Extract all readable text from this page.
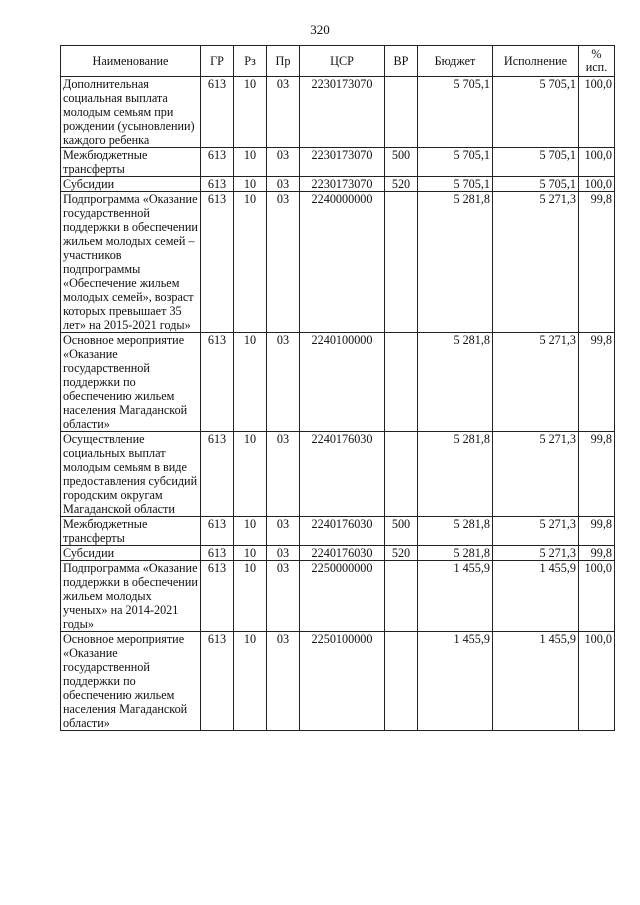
320
Наименование	ГР	Рз	Пр	ЦСР	ВР	Бюджет	Исполнение	% исп.
Дополнительная социальная выплата молодым семьям при рождении (усыновлении) каждого ребенка	613	10	03	2230173070		5 705,1	5 705,1	100,0
Межбюджетные трансферты	613	10	03	2230173070	500	5 705,1	5 705,1	100,0
Субсидии	613	10	03	2230173070	520	5 705,1	5 705,1	100,0
Подпрограмма «Оказание государственной поддержки в обеспечении жильем молодых семей – участников подпрограммы «Обеспечение жильем молодых семей», возраст которых превышает 35 лет» на 2015-2021 годы»	613	10	03	2240000000		5 281,8	5 271,3	99,8
Основное мероприятие «Оказание государственной поддержки по обеспечению жильем населения Магаданской области»	613	10	03	2240100000		5 281,8	5 271,3	99,8
Осуществление социальных выплат молодым семьям в виде предоставления субсидий городским округам Магаданской области	613	10	03	2240176030		5 281,8	5 271,3	99,8
Межбюджетные трансферты	613	10	03	2240176030	500	5 281,8	5 271,3	99,8
Субсидии	613	10	03	2240176030	520	5 281,8	5 271,3	99,8
Подпрограмма «Оказание поддержки в обеспечении жильем молодых ученых» на 2014-2021 годы»	613	10	03	2250000000		1 455,9	1 455,9	100,0
Основное мероприятие «Оказание государственной поддержки по обеспечению жильем населения Магаданской области»	613	10	03	2250100000		1 455,9	1 455,9	100,0
